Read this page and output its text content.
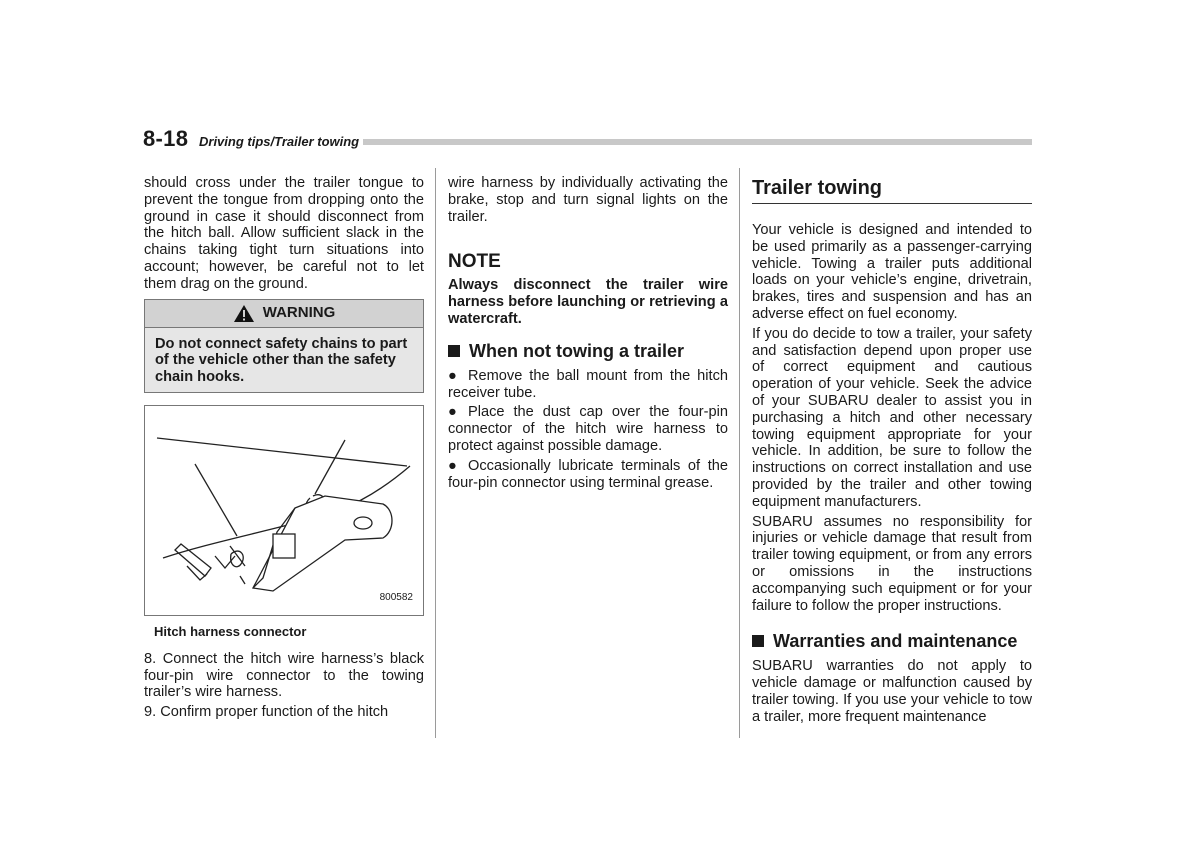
8-18 Driving tips/Trailer towing

should cross under the trailer tongue to prevent the tongue from dropping onto the ground in case it should disconnect from the hitch ball. Allow sufficient slack in the chains taking tight turn situations into account; however, be careful not to let them drag on the ground.

WARNING
Do not connect safety chains to part of the vehicle other than the safety chain hooks.
800582
Hitch harness connector

8. Connect the hitch wire harness’s black four-pin wire connector to the towing trailer’s wire harness.

9. Confirm proper function of the hitch

wire harness by individually activating the brake, stop and turn signal lights on the trailer.

NOTE
Always disconnect the trailer wire harness before launching or retrieving a watercraft.
When not towing a trailer
● Remove the ball mount from the hitch receiver tube.
● Place the dust cap over the four-pin connector of the hitch wire harness to protect against possible damage.
● Occasionally lubricate terminals of the four-pin connector using terminal grease.
Trailer towing

Your vehicle is designed and intended to be used primarily as a passenger-carrying vehicle. Towing a trailer puts additional loads on your vehicle’s engine, drivetrain, brakes, tires and suspension and has an adverse effect on fuel economy.

If you do decide to tow a trailer, your safety and satisfaction depend upon proper use of correct equipment and cautious operation of your vehicle. Seek the advice of your SUBARU dealer to assist you in purchasing a hitch and other necessary towing equipment appropriate for your vehicle. In addition, be sure to follow the instructions on correct installation and use provided by the trailer and other towing equipment manufacturers.

SUBARU assumes no responsibility for injuries or vehicle damage that result from trailer towing equipment, or from any errors or omissions in the instructions accompanying such equipment or for your failure to follow the proper instructions.

Warranties and maintenance

SUBARU warranties do not apply to vehicle damage or malfunction caused by trailer towing. If you use your vehicle to tow a trailer, more frequent maintenance
